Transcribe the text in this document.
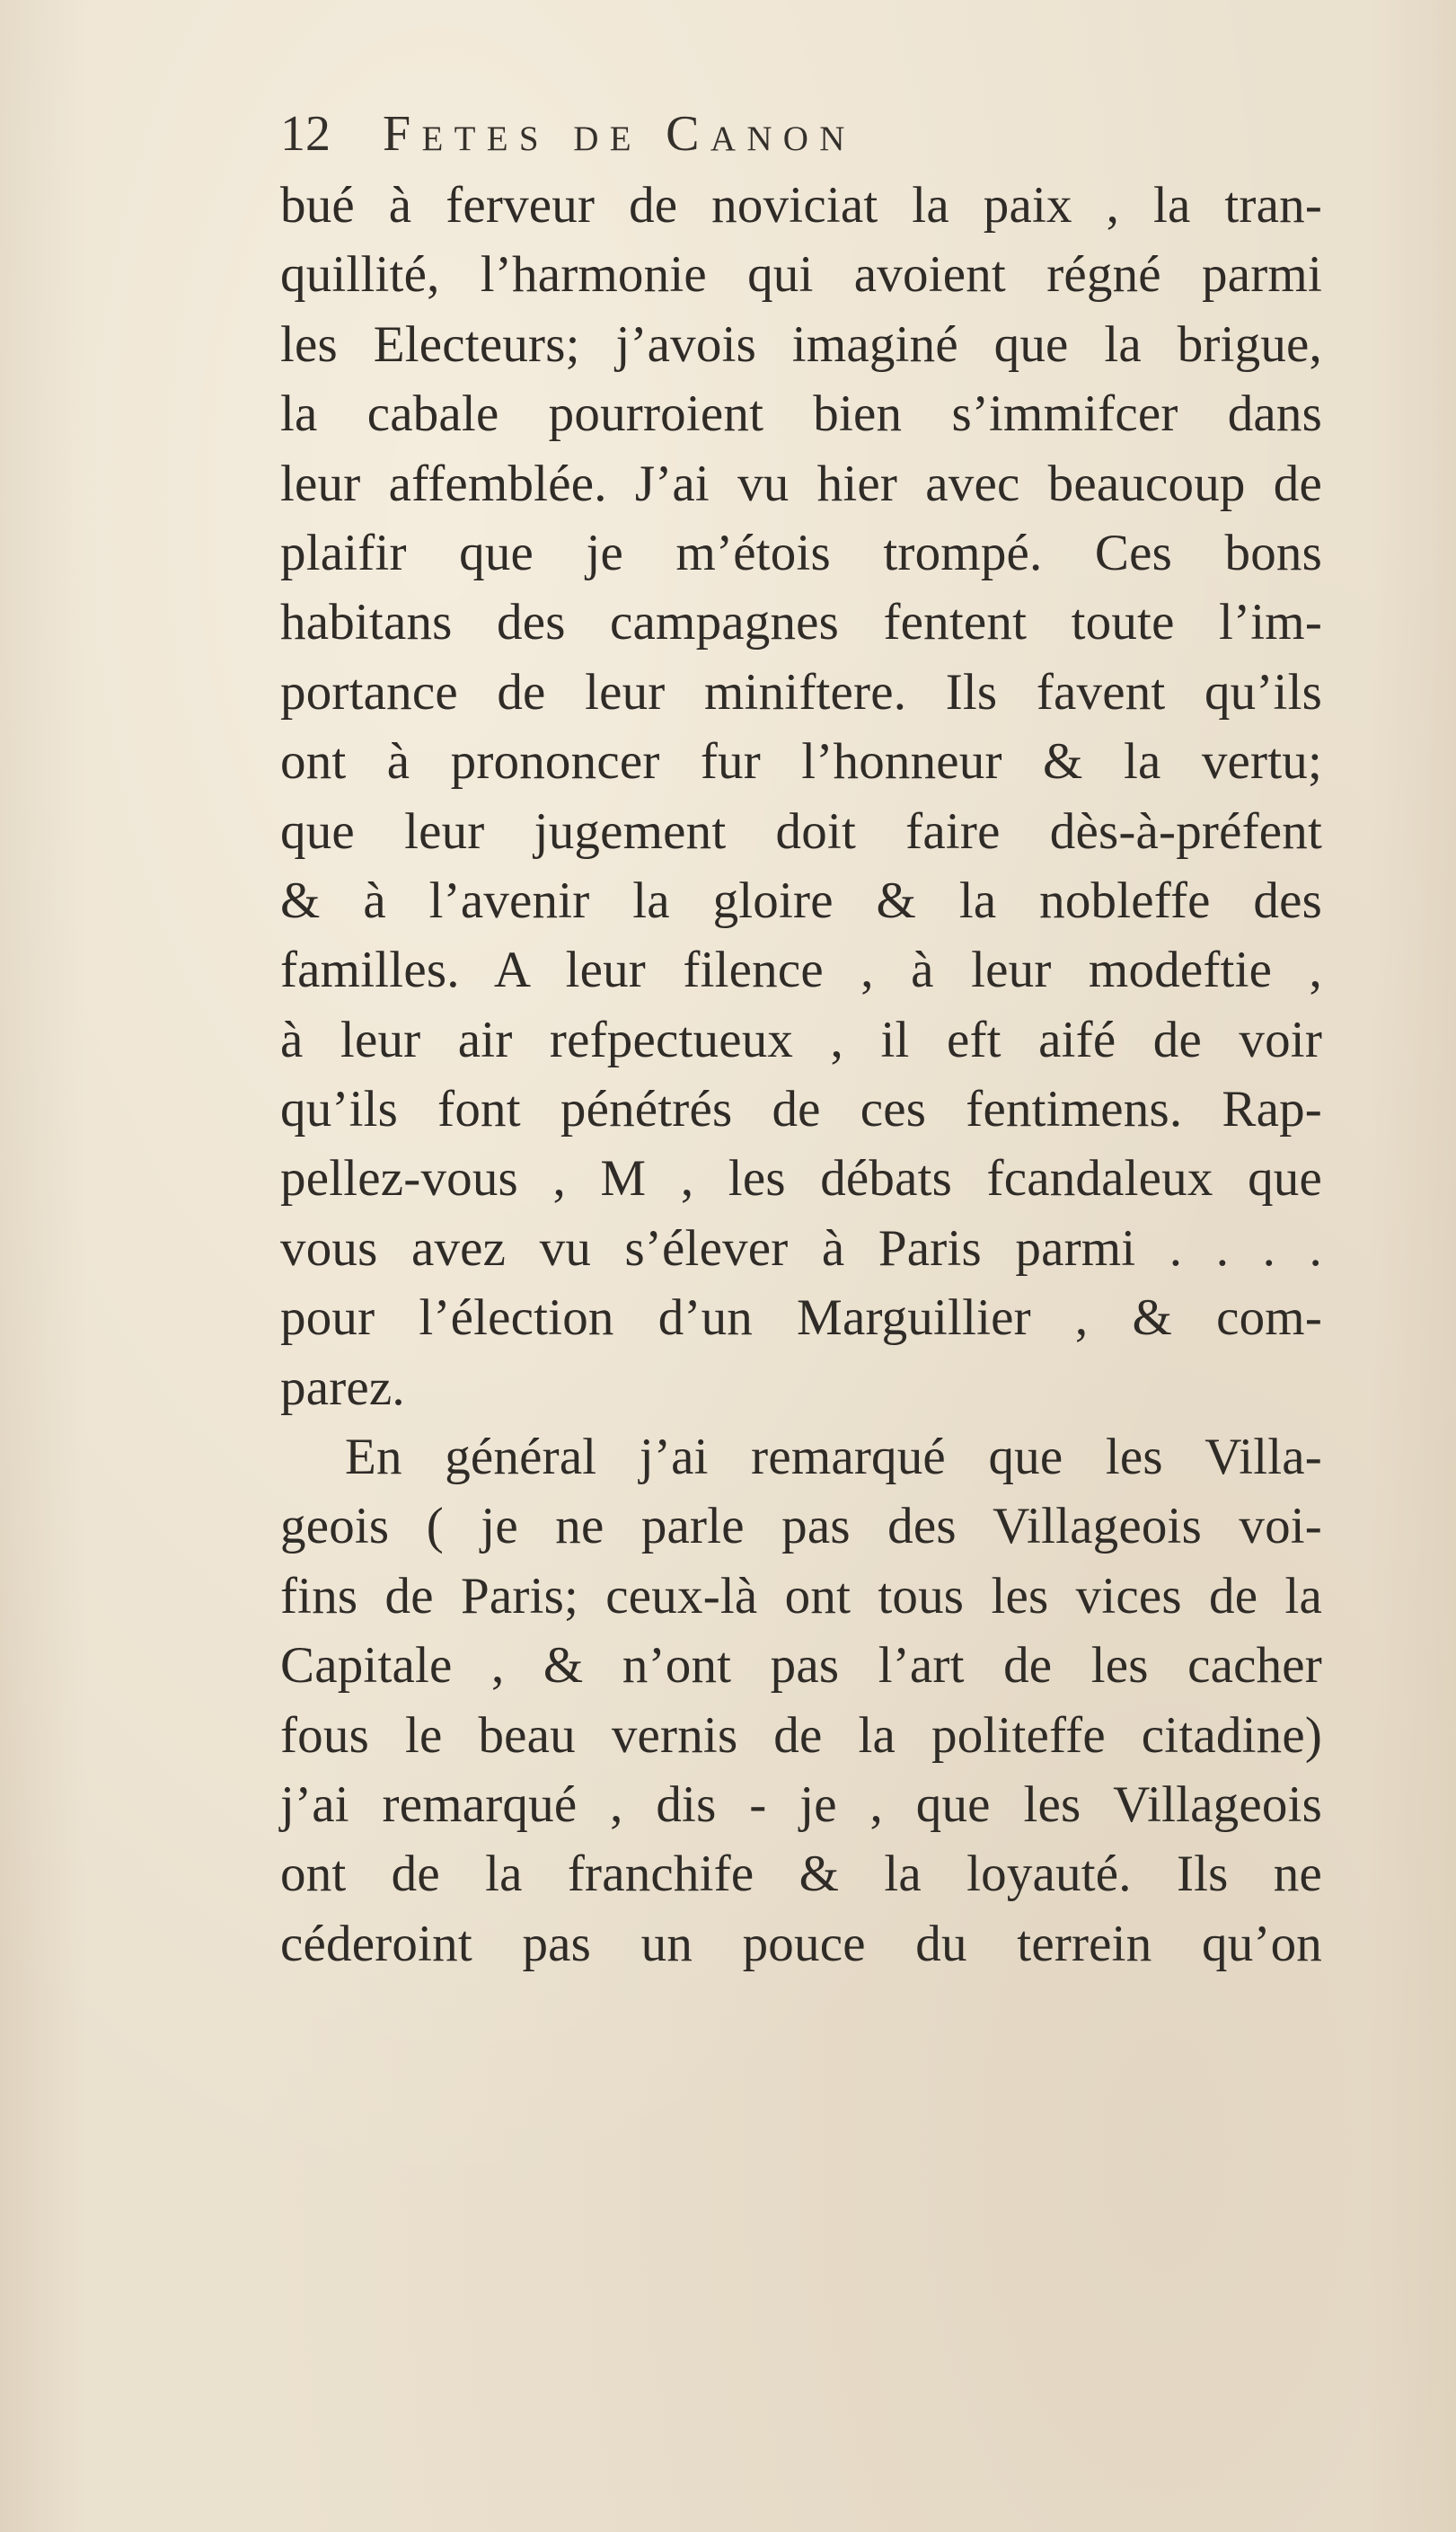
12 Fetes de Canon
bué à ferveur de noviciat la paix , la tran-
quillité, l’harmonie qui avoient régné parmi
les Electeurs; j’avois imaginé que la brigue,
la cabale pourroient bien s’immifcer dans
leur affemblée. J’ai vu hier avec beaucoup de
plaifir que je m’étois trompé. Ces bons
habitans des campagnes fentent toute l’im-
portance de leur miniftere. Ils favent qu’ils
ont à prononcer fur l’honneur & la vertu;
que leur jugement doit faire dès-à-préfent
& à l’avenir la gloire & la nobleffe des
familles. A leur filence , à leur modeftie ,
à leur air refpectueux , il eft aifé de voir
qu’ils font pénétrés de ces fentimens. Rap-
pellez-vous , M , les débats fcandaleux que
vous avez vu s’élever à Paris parmi . . . .
pour l’élection d’un Marguillier , & com-
parez.
En général j’ai remarqué que les Villa-
geois ( je ne parle pas des Villageois voi-
fins de Paris; ceux-là ont tous les vices de la
Capitale , & n’ont pas l’art de les cacher
fous le beau vernis de la politeffe citadine)
j’ai remarqué , dis - je , que les Villageois
ont de la franchife & la loyauté. Ils ne
céderoint pas un pouce du terrein qu’on
